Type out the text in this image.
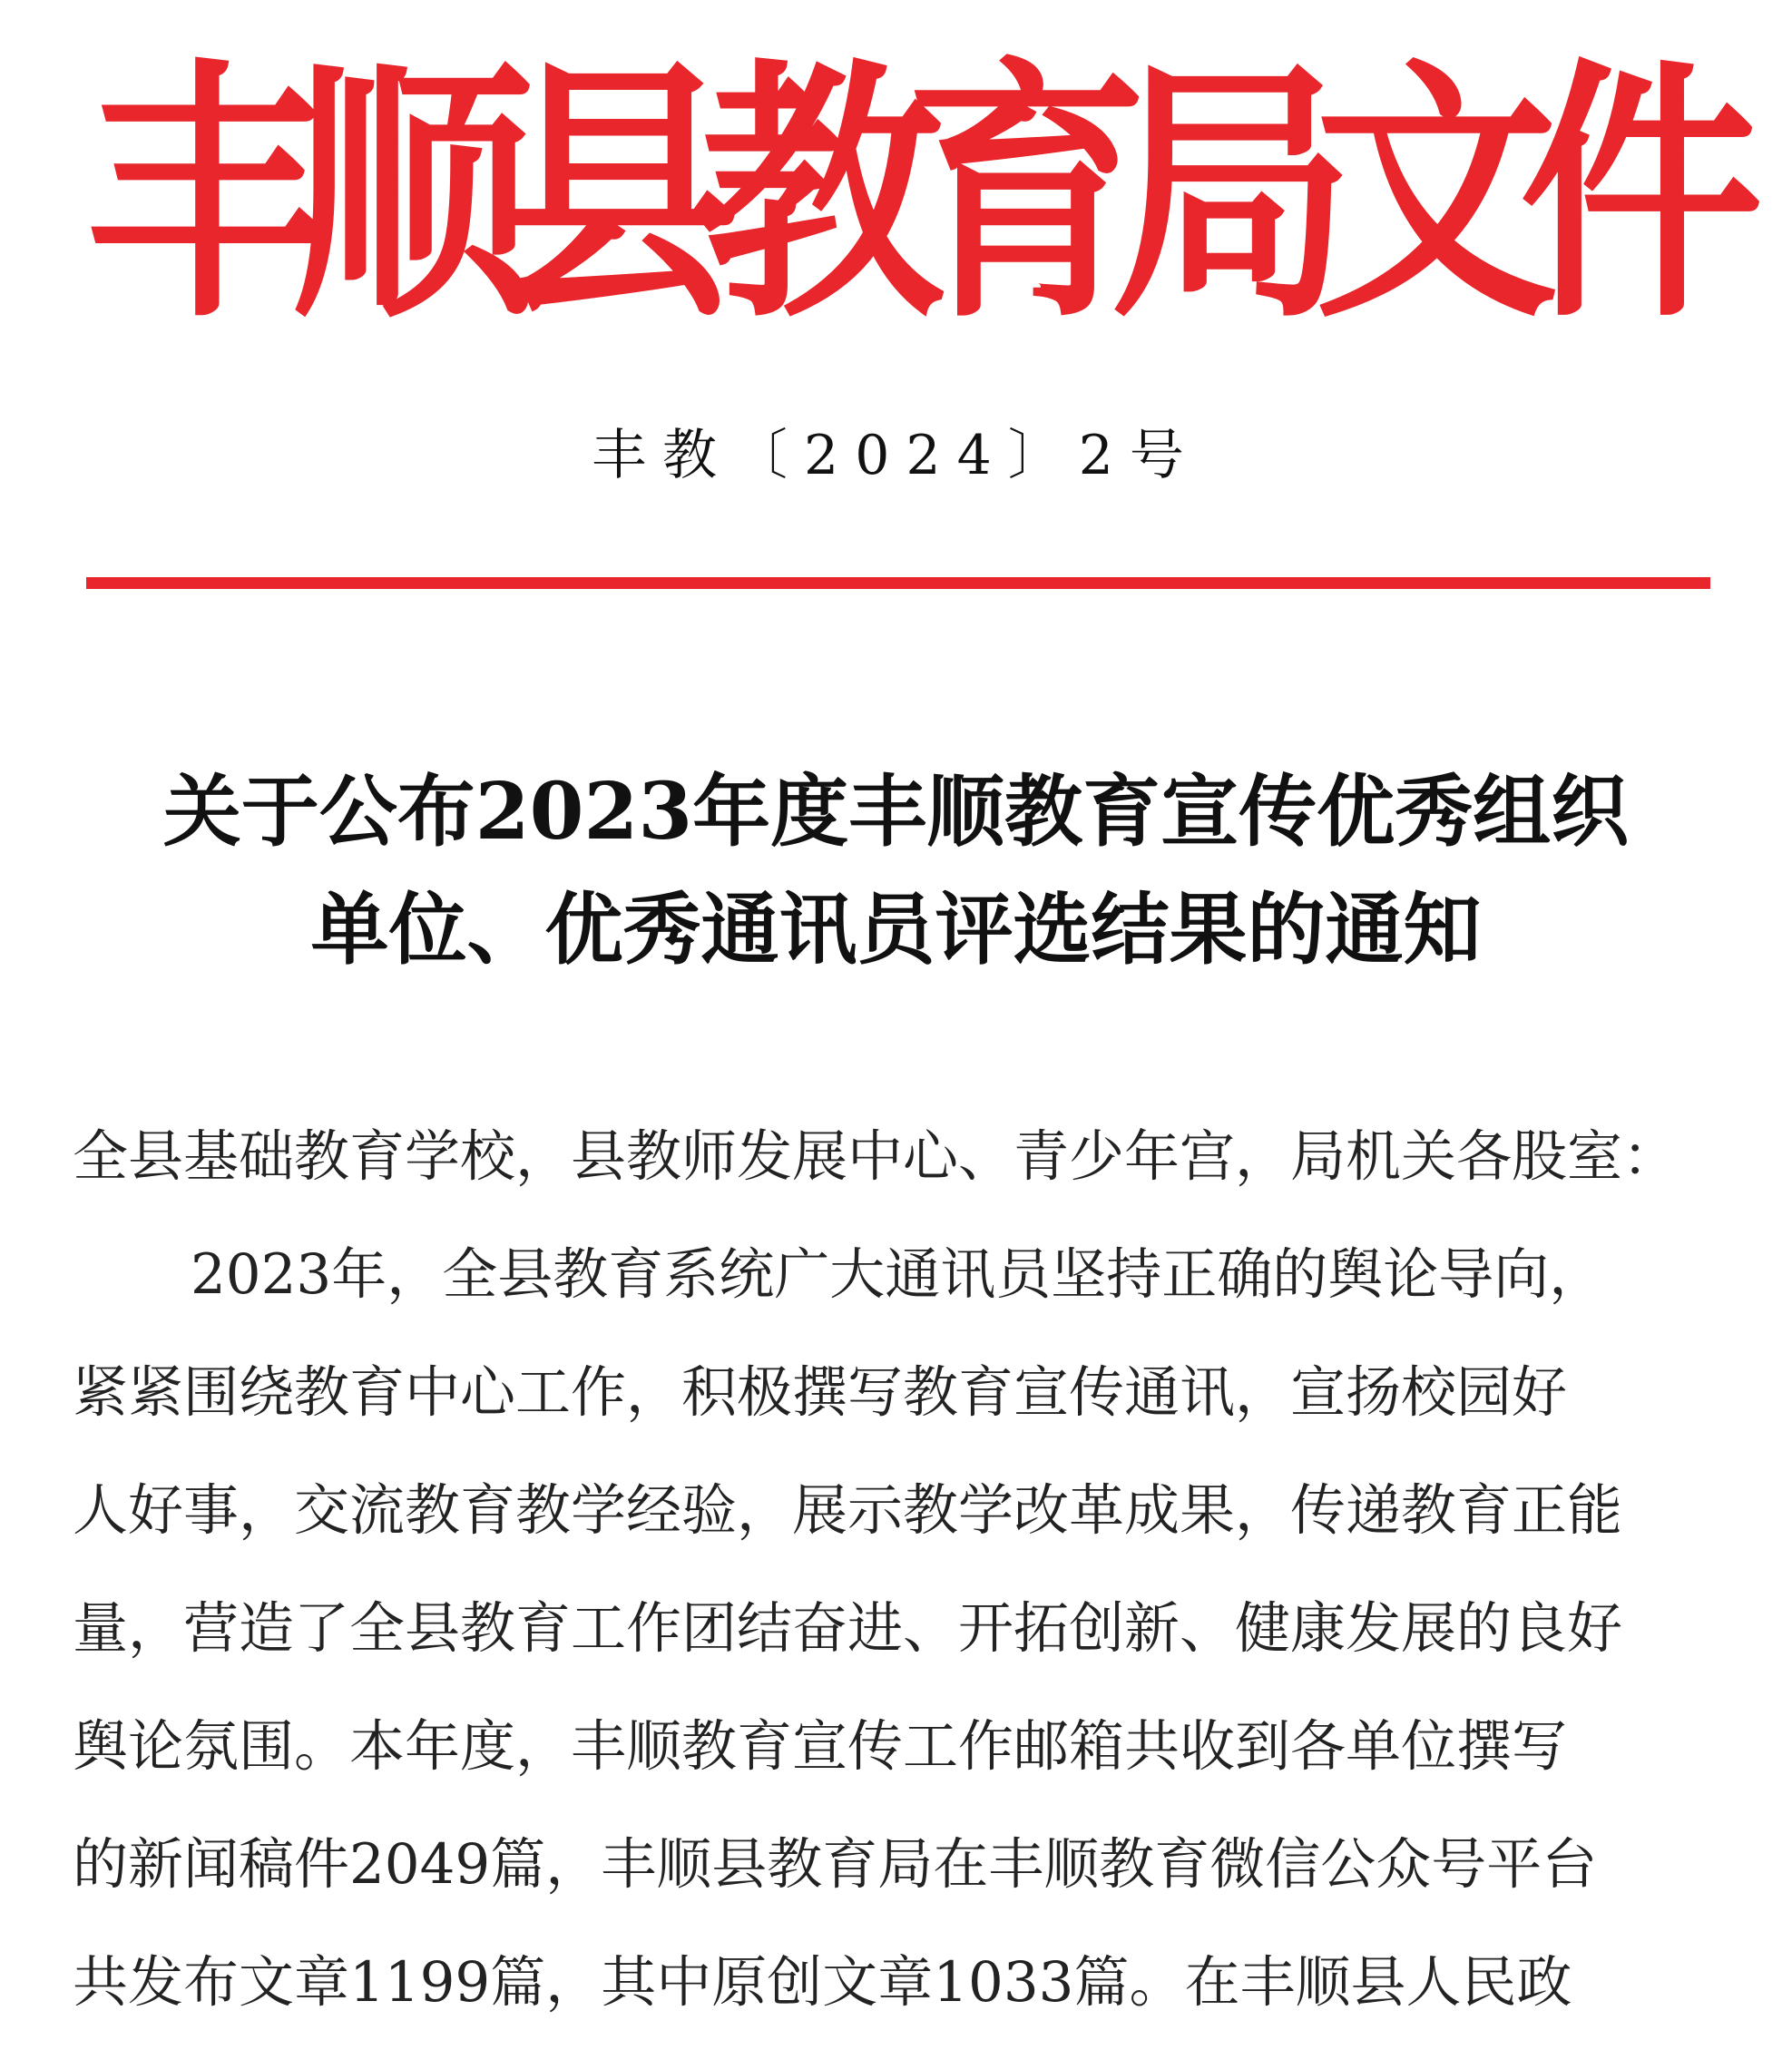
丰
顺
县
教
育
局
文
件
丰教〔2024〕2号
关于公布2023年度丰顺教育宣传优秀组织
单位、优秀通讯员评选结果的通知
全县基础教育学校，县教师发展中心、青少年宫，局机关各股室：
2023年，全县教育系统广大通讯员坚持正确的舆论导向，
紧紧围绕教育中心工作，积极撰写教育宣传通讯，宣扬校园好
人好事，交流教育教学经验，展示教学改革成果，传递教育正能
量，营造了全县教育工作团结奋进、开拓创新、健康发展的良好
舆论氛围。本年度，丰顺教育宣传工作邮箱共收到各单位撰写
的新闻稿件2049篇，丰顺县教育局在丰顺教育微信公众号平台
共发布文章1199篇，其中原创文章1033篇。在丰顺县人民政
